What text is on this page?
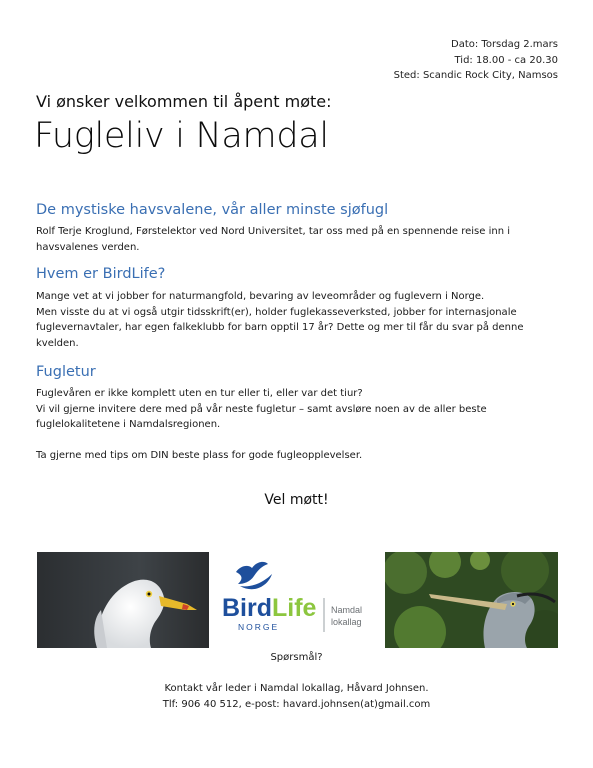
Dato: Torsdag 2.mars
Tid: 18.00 - ca 20.30
Sted: Scandic Rock City, Namsos
Vi ønsker velkommen til åpent møte:
Fugleliv i Namdal
De mystiske havsvalene, vår aller minste sjøfugl
Rolf Terje Kroglund, Førstelektor ved Nord Universitet, tar oss med på en spennende reise inn i
havsvalenes verden.
Hvem er BirdLife?
Mange vet at vi jobber for naturmangfold, bevaring av leveområder og fuglevern i Norge.
Men visste du at vi også utgir tidsskrift(er), holder fuglekasseverksted, jobber for internasjonale
fuglevernavtaler, har egen falkeklubb for barn opptil 17 år? Dette og mer til får du svar på denne
kvelden.
Fugletur
Fuglevåren er ikke komplett uten en tur eller ti, eller var det tiur?
Vi vil gjerne invitere dere med på vår neste fugletur – samt avsløre noen av de aller beste
fuglelokalitetene i Namdalsregionen.
Ta gjerne med tips om DIN beste plass for gode fugleopplevelser.
Vel møtt!
Bird Life
NORGE
Namdal
lokallag
Spørsmål?
Kontakt vår leder i Namdal lokallag, Håvard Johnsen.
Tlf: 906 40 512, e-post: havard.johnsen(at)gmail.com
